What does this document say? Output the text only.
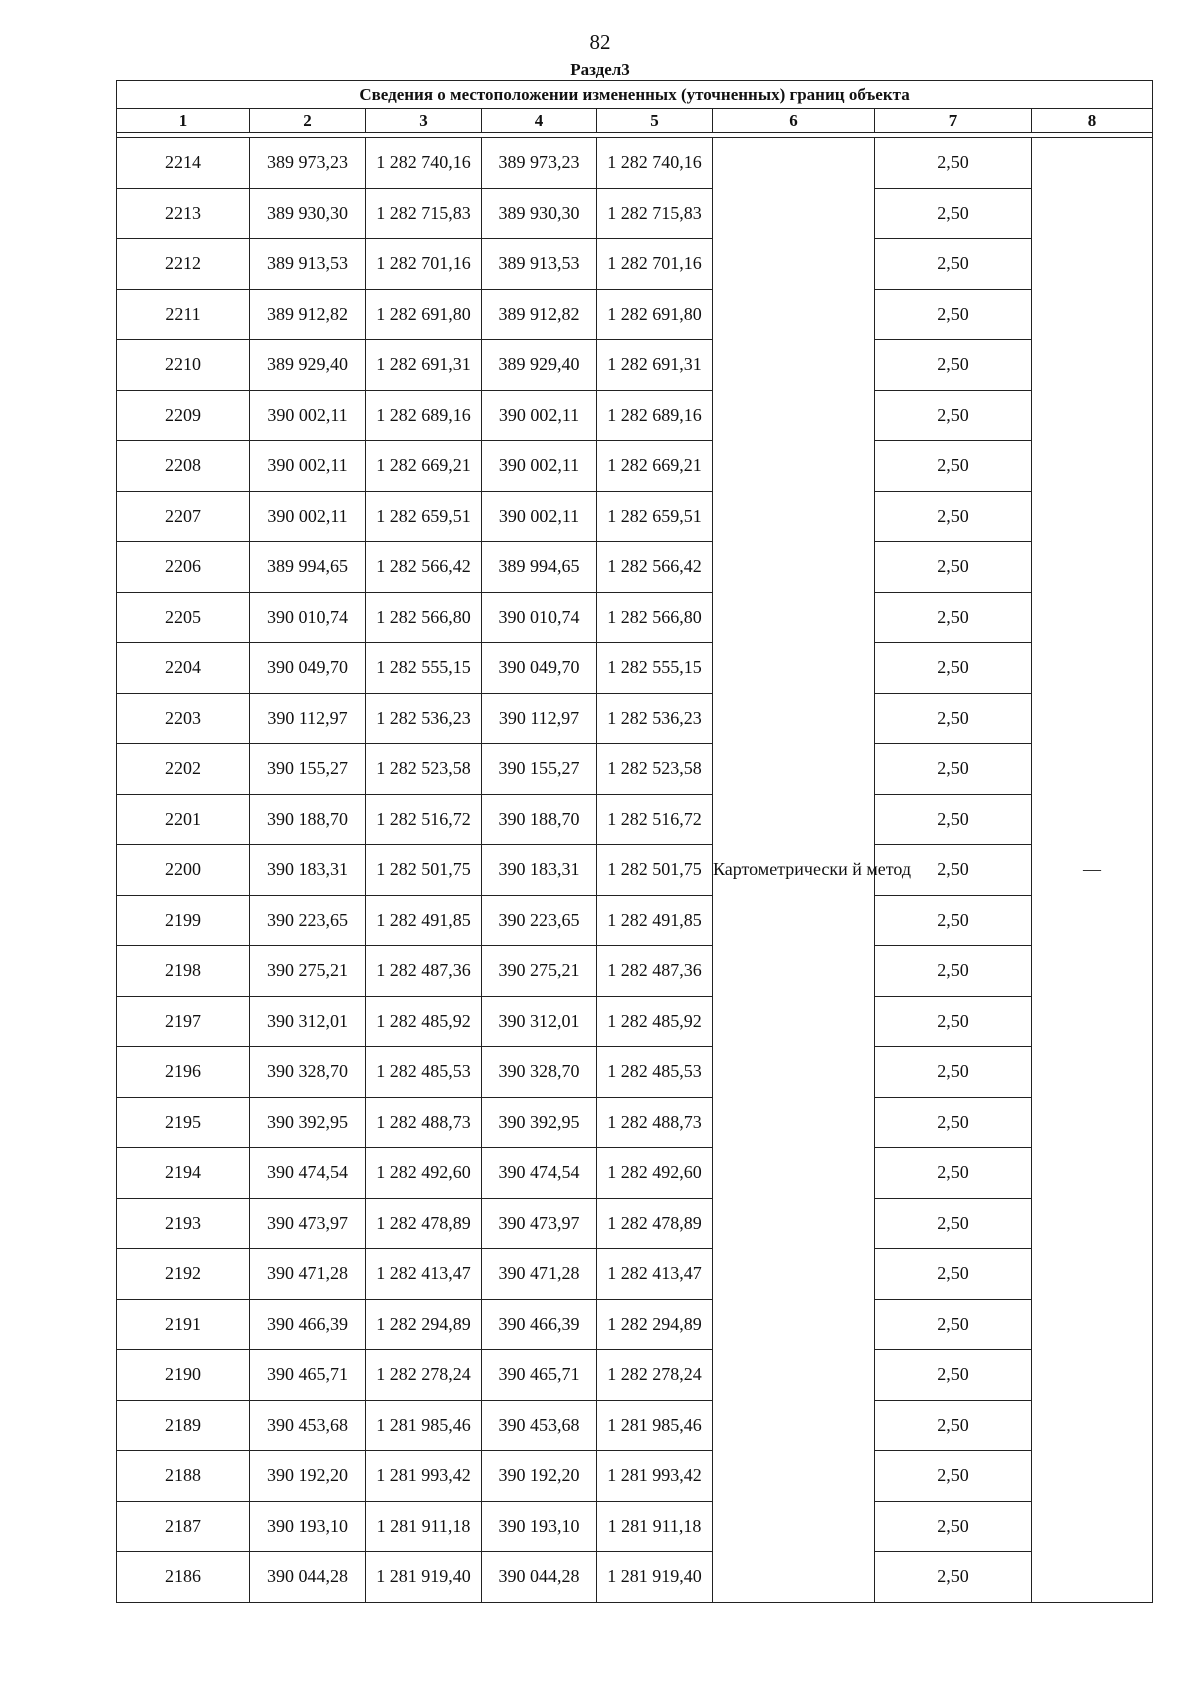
82
Раздел3
Сведения о местоположении измененных (уточненных) границ объекта							
1	2	3	4	5	6	7	8

2214	389 973,23	1 282 740,16	389 973,23	1 282 740,16	Картометрически й метод	2,50	—
2213	389 930,30	1 282 715,83	389 930,30	1 282 715,83		2,50	
2212	389 913,53	1 282 701,16	389 913,53	1 282 701,16		2,50	
2211	389 912,82	1 282 691,80	389 912,82	1 282 691,80		2,50	
2210	389 929,40	1 282 691,31	389 929,40	1 282 691,31		2,50	
2209	390 002,11	1 282 689,16	390 002,11	1 282 689,16		2,50	
2208	390 002,11	1 282 669,21	390 002,11	1 282 669,21		2,50	
2207	390 002,11	1 282 659,51	390 002,11	1 282 659,51		2,50	
2206	389 994,65	1 282 566,42	389 994,65	1 282 566,42		2,50	
2205	390 010,74	1 282 566,80	390 010,74	1 282 566,80		2,50	
2204	390 049,70	1 282 555,15	390 049,70	1 282 555,15		2,50	
2203	390 112,97	1 282 536,23	390 112,97	1 282 536,23		2,50	
2202	390 155,27	1 282 523,58	390 155,27	1 282 523,58		2,50	
2201	390 188,70	1 282 516,72	390 188,70	1 282 516,72		2,50	
2200	390 183,31	1 282 501,75	390 183,31	1 282 501,75		2,50	
2199	390 223,65	1 282 491,85	390 223,65	1 282 491,85		2,50	
2198	390 275,21	1 282 487,36	390 275,21	1 282 487,36		2,50	
2197	390 312,01	1 282 485,92	390 312,01	1 282 485,92		2,50	
2196	390 328,70	1 282 485,53	390 328,70	1 282 485,53		2,50	
2195	390 392,95	1 282 488,73	390 392,95	1 282 488,73		2,50	
2194	390 474,54	1 282 492,60	390 474,54	1 282 492,60		2,50	
2193	390 473,97	1 282 478,89	390 473,97	1 282 478,89		2,50	
2192	390 471,28	1 282 413,47	390 471,28	1 282 413,47		2,50	
2191	390 466,39	1 282 294,89	390 466,39	1 282 294,89		2,50	
2190	390 465,71	1 282 278,24	390 465,71	1 282 278,24		2,50	
2189	390 453,68	1 281 985,46	390 453,68	1 281 985,46		2,50	
2188	390 192,20	1 281 993,42	390 192,20	1 281 993,42		2,50	
2187	390 193,10	1 281 911,18	390 193,10	1 281 911,18		2,50	
2186	390 044,28	1 281 919,40	390 044,28	1 281 919,40		2,50	
